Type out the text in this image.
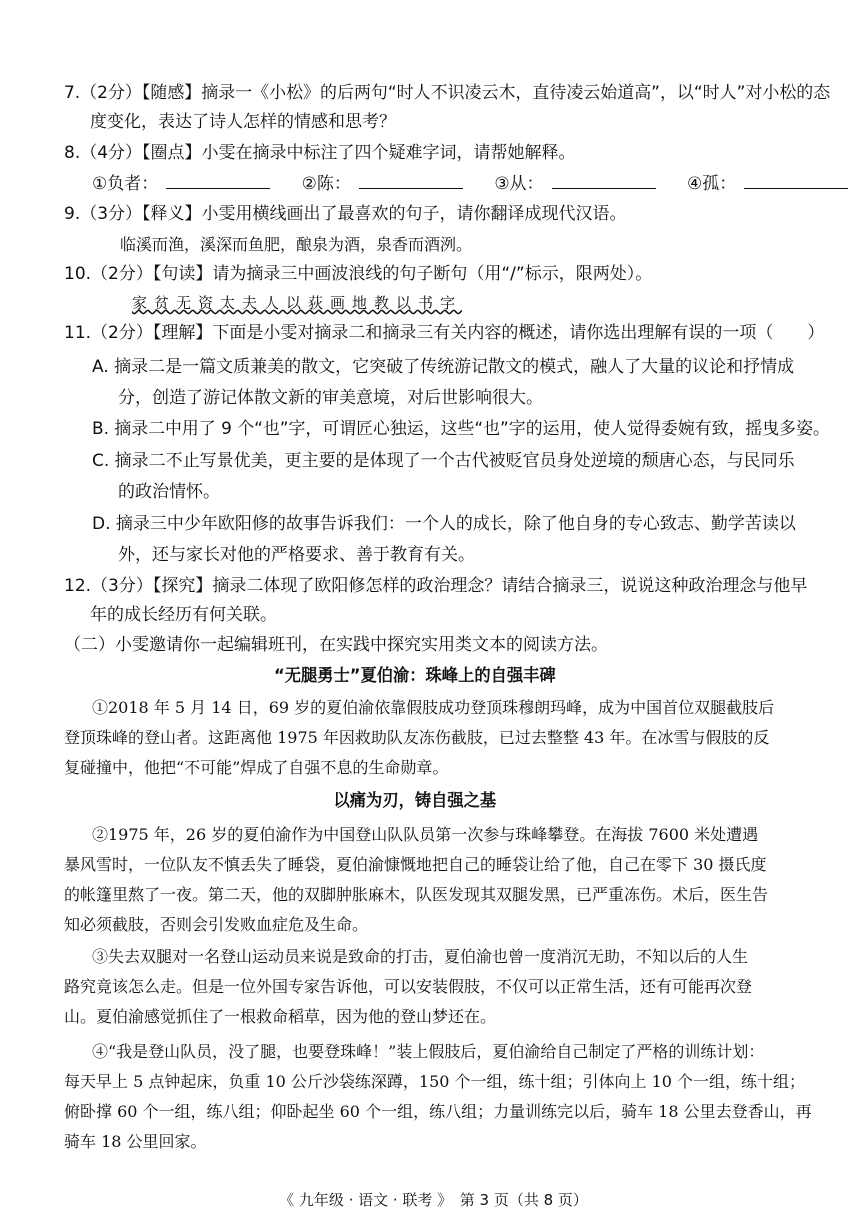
7.（2分）【随感】摘录一《小松》的后两句“时人不识凌云木，直待凌云始道高”，以“时人”对小松的态
度变化，表达了诗人怎样的情感和思考？
8.（4分）【圈点】小雯在摘录中标注了四个疑难字词，请帮她解释。
①负者：	②陈：	③从：	④孤：
9.（3分）【释义】小雯用横线画出了最喜欢的句子，请你翻译成现代汉语。
临溪而渔，溪深而鱼肥，酿泉为酒，泉香而酒洌。
10.（2分）【句读】请为摘录三中画波浪线的句子断句（用“/”标示，限两处）。
家贫无资太夫人以荻画地教以书字
11.（2分）【理解】下面是小雯对摘录二和摘录三有关内容的概述，请你选出理解有误的一项（　　）
A. 摘录二是一篇文质兼美的散文，它突破了传统游记散文的模式，融人了大量的议论和抒情成
分，创造了游记体散文新的审美意境，对后世影响很大。
B. 摘录二中用了 9 个“也”字，可谓匠心独运，这些“也”字的运用，使人觉得委婉有致，摇曳多姿。
C. 摘录二不止写景优美，更主要的是体现了一个古代被贬官员身处逆境的颓唐心态，与民同乐
的政治情怀。
D. 摘录三中少年欧阳修的故事告诉我们：一个人的成长，除了他自身的专心致志、勤学苦读以
外，还与家长对他的严格要求、善于教育有关。
12.（3分）【探究】摘录二体现了欧阳修怎样的政治理念？请结合摘录三，说说这种政治理念与他早
年的成长经历有何关联。
（二）小雯邀请你一起编辑班刊，在实践中探究实用类文本的阅读方法。
“无腿勇士”夏伯渝：珠峰上的自强丰碑
①2018 年 5 月 14 日，69 岁的夏伯渝依靠假肢成功登顶珠穆朗玛峰，成为中国首位双腿截肢后
登顶珠峰的登山者。这距离他 1975 年因救助队友冻伤截肢，已过去整整 43 年。在冰雪与假肢的反
复碰撞中，他把“不可能”焊成了自强不息的生命勋章。
以痛为刃，铸自强之基
②1975 年，26 岁的夏伯渝作为中国登山队队员第一次参与珠峰攀登。在海拔 7600 米处遭遇
暴风雪时，一位队友不慎丢失了睡袋，夏伯渝慷慨地把自己的睡袋让给了他，自己在零下 30 摄氏度
的帐篷里熬了一夜。第二天，他的双脚肿胀麻木，队医发现其双腿发黑，已严重冻伤。术后，医生告
知必须截肢，否则会引发败血症危及生命。
③失去双腿对一名登山运动员来说是致命的打击，夏伯渝也曾一度消沉无助，不知以后的人生
路究竟该怎么走。但是一位外国专家告诉他，可以安装假肢，不仅可以正常生活，还有可能再次登
山。夏伯渝感觉抓住了一根救命稻草，因为他的登山梦还在。
④“我是登山队员，没了腿，也要登珠峰！”装上假肢后，夏伯渝给自己制定了严格的训练计划：
每天早上 5 点钟起床，负重 10 公斤沙袋练深蹲，150 个一组，练十组；引体向上 10 个一组，练十组；
俯卧撑 60 个一组，练八组；仰卧起坐 60 个一组，练八组；力量训练完以后，骑车 18 公里去登香山，再
骑车 18 公里回家。
《 九年级 · 语文 · 联考 》　第 3 页（共 8 页）
